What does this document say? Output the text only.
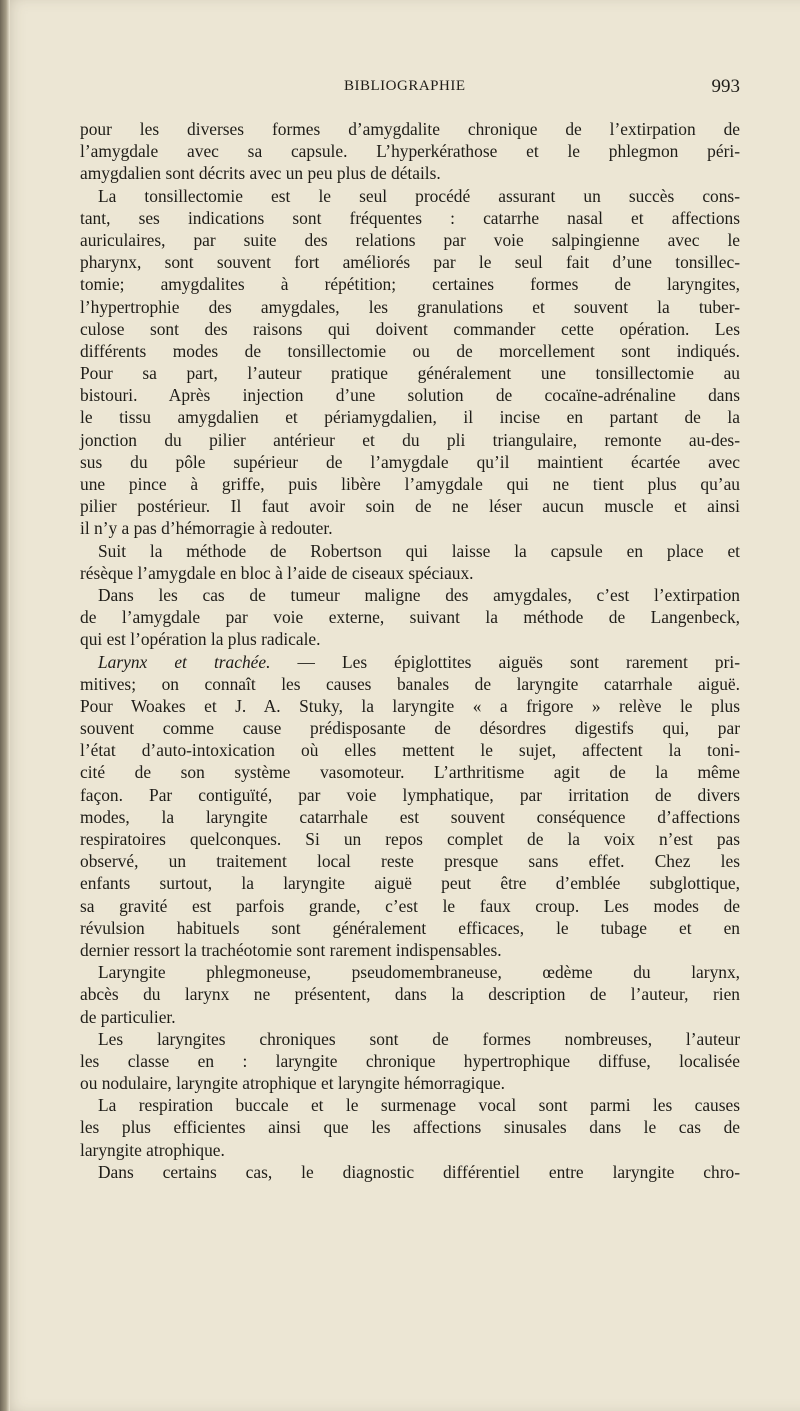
BIBLIOGRAPHIE	993
pour les diverses formes d’amygdalite chronique de l’extirpation de
l’amygdale avec sa capsule. L’hyperkérathose et le phlegmon péri-
amygdalien sont décrits avec un peu plus de détails.
La tonsillectomie est le seul procédé assurant un succès cons-
tant, ses indications sont fréquentes : catarrhe nasal et affections
auriculaires, par suite des relations par voie salpingienne avec le
pharynx, sont souvent fort améliorés par le seul fait d’une tonsillec-
tomie; amygdalites à répétition; certaines formes de laryngites,
l’hypertrophie des amygdales, les granulations et souvent la tuber-
culose sont des raisons qui doivent commander cette opération. Les
différents modes de tonsillectomie ou de morcellement sont indiqués.
Pour sa part, l’auteur pratique généralement une tonsillectomie au
bistouri. Après injection d’une solution de cocaïne-adrénaline dans
le tissu amygdalien et périamygdalien, il incise en partant de la
jonction du pilier antérieur et du pli triangulaire, remonte au-des-
sus du pôle supérieur de l’amygdale qu’il maintient écartée avec
une pince à griffe, puis libère l’amygdale qui ne tient plus qu’au
pilier postérieur. Il faut avoir soin de ne léser aucun muscle et ainsi
il n’y a pas d’hémorragie à redouter.
Suit la méthode de Robertson qui laisse la capsule en place et
résèque l’amygdale en bloc à l’aide de ciseaux spéciaux.
Dans les cas de tumeur maligne des amygdales, c’est l’extirpation
de l’amygdale par voie externe, suivant la méthode de Langenbeck,
qui est l’opération la plus radicale.
Larynx et trachée. — Les épiglottites aiguës sont rarement pri-
mitives; on connaît les causes banales de laryngite catarrhale aiguë.
Pour Woakes et J. A. Stuky, la laryngite « a frigore » relève le plus
souvent comme cause prédisposante de désordres digestifs qui, par
l’état d’auto-intoxication où elles mettent le sujet, affectent la toni-
cité de son système vasomoteur. L’arthritisme agit de la même
façon. Par contiguïté, par voie lymphatique, par irritation de divers
modes, la laryngite catarrhale est souvent conséquence d’affections
respiratoires quelconques. Si un repos complet de la voix n’est pas
observé, un traitement local reste presque sans effet. Chez les
enfants surtout, la laryngite aiguë peut être d’emblée subglottique,
sa gravité est parfois grande, c’est le faux croup. Les modes de
révulsion habituels sont généralement efficaces, le tubage et en
dernier ressort la trachéotomie sont rarement indispensables.
Laryngite phlegmoneuse, pseudomembraneuse, œdème du larynx,
abcès du larynx ne présentent, dans la description de l’auteur, rien
de particulier.
Les laryngites chroniques sont de formes nombreuses, l’auteur
les classe en : laryngite chronique hypertrophique diffuse, localisée
ou nodulaire, laryngite atrophique et laryngite hémorragique.
La respiration buccale et le surmenage vocal sont parmi les causes
les plus efficientes ainsi que les affections sinusales dans le cas de
laryngite atrophique.
Dans certains cas, le diagnostic différentiel entre laryngite chro-
